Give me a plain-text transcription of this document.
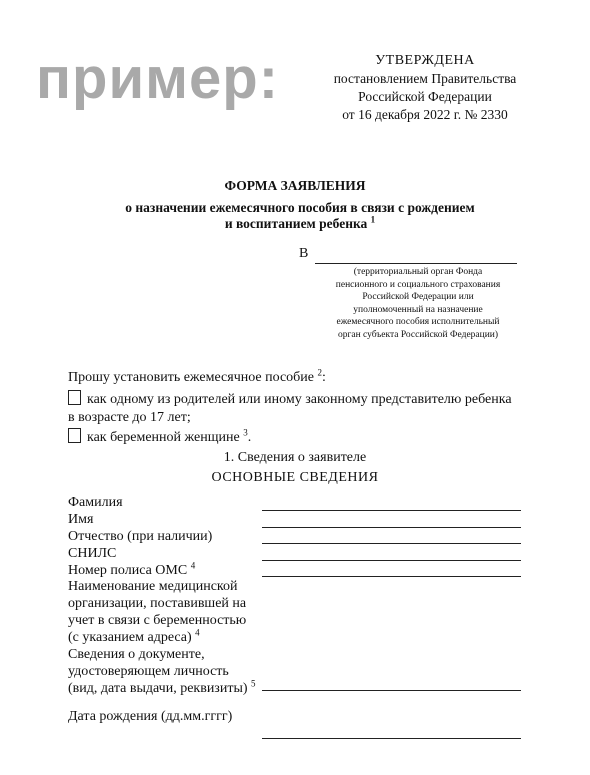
пример:	УТВЕРЖДЕНА
постановлением Правительства
Российской Федерации
от 16 декабря 2022 г. № 2330
ФОРМА ЗАЯВЛЕНИЯ
о назначении ежемесячного пособия в связи с рождением
и воспитанием ребенка $^1$
В
(территориальный орган Фонда
пенсионного и социального страхования
Российской Федерации или
уполномоченный на назначение
ежемесячного пособия исполнительный
орган субъекта Российской Федерации)
Прошу установить ежемесячное пособие $^2$:
как одному из родителей или иному законному представителю ребенка
в возрасте до 17 лет;
как беременной женщине $^3$.
1. Сведения о заявителе
ОСНОВНЫЕ СВЕДЕНИЯ
Фамилия
Имя
Отчество (при наличии)
СНИЛС
Номер полиса ОМС $^4$
Наименование медицинской
организации, поставившей на
учет в связи с беременностью
(с указанием адреса) $^4$
Сведения о документе,
удостоверяющем личность
(вид, дата выдачи, реквизиты) $^5$
Дата рождения (дд.мм.гггг)
